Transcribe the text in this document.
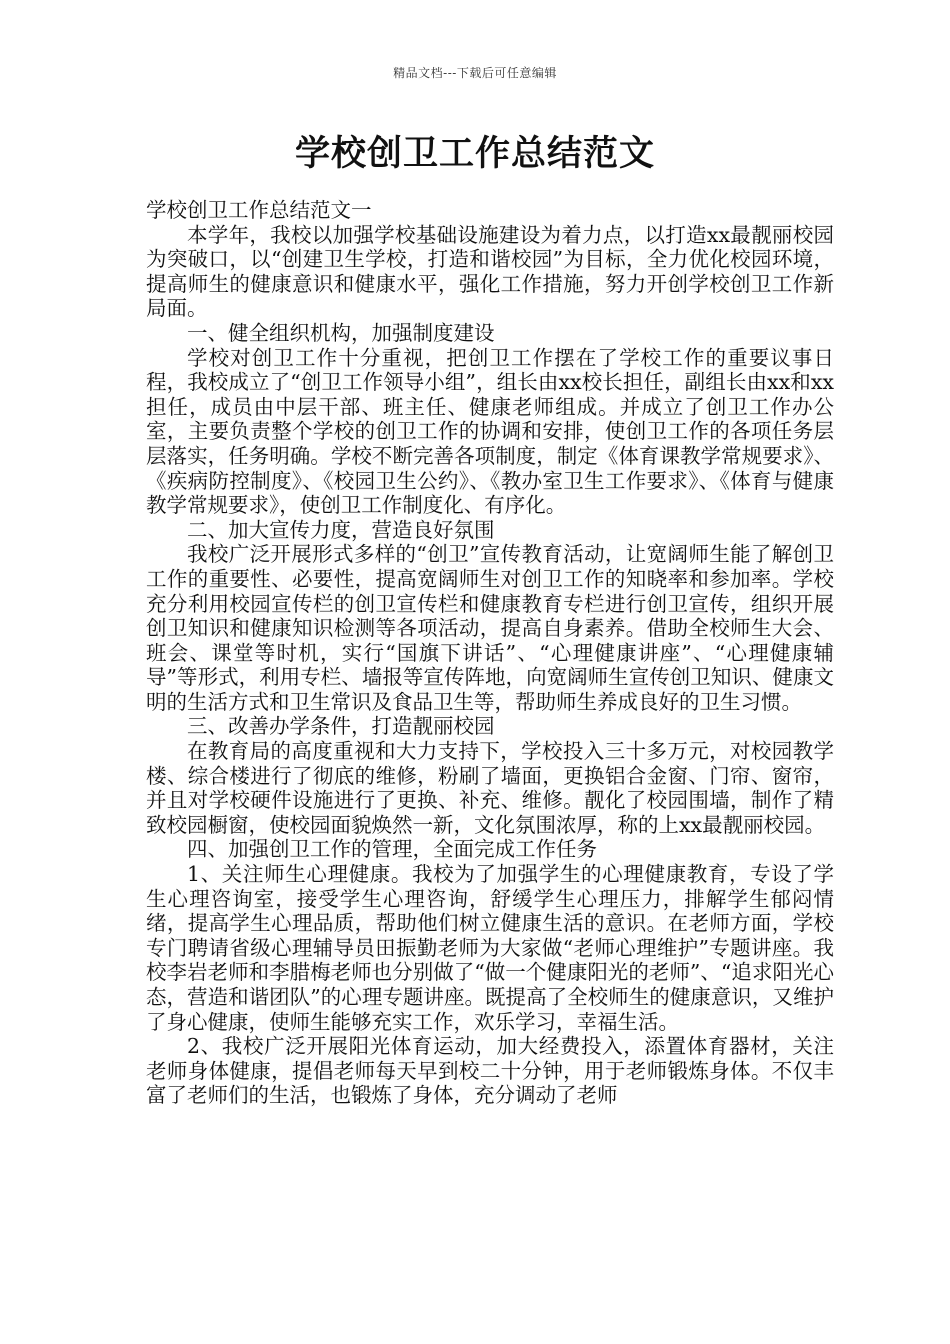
精品文档---下载后可任意编辑
学校创卫工作总结范文

学校创卫工作总结范文一

本学年，我校以加强学校基础设施建设为着力点，以打造xx最靓丽校园为突破口，以“创建卫生学校，打造和谐校园”为目标，全力优化校园环境，提高师生的健康意识和健康水平，强化工作措施，努力开创学校创卫工作新局面。

一、健全组织机构，加强制度建设

学校对创卫工作十分重视，把创卫工作摆在了学校工作的重要议事日程，我校成立了“创卫工作领导小组”，组长由xx校长担任，副组长由xx和xx担任，成员由中层干部、班主任、健康老师组成。并成立了创卫工作办公室，主要负责整个学校的创卫工作的协调和安排，使创卫工作的各项任务层层落实，任务明确。学校不断完善各项制度，制定《体育课教学常规要求》、《疾病防控制度》、《校园卫生公约》、《教办室卫生工作要求》、《体育与健康教学常规要求》，使创卫工作制度化、有序化。

二、加大宣传力度，营造良好氛围

我校广泛开展形式多样的“创卫”宣传教育活动，让宽阔师生能了解创卫工作的重要性、必要性，提高宽阔师生对创卫工作的知晓率和参加率。学校充分利用校园宣传栏的创卫宣传栏和健康教育专栏进行创卫宣传，组织开展创卫知识和健康知识检测等各项活动，提高自身素养。借助全校师生大会、班会、课堂等时机，实行“国旗下讲话”、“心理健康讲座”、“心理健康辅导”等形式，利用专栏、墙报等宣传阵地，向宽阔师生宣传创卫知识、健康文明的生活方式和卫生常识及食品卫生等，帮助师生养成良好的卫生习惯。

三、改善办学条件，打造靓丽校园

在教育局的高度重视和大力支持下，学校投入三十多万元，对校园教学楼、综合楼进行了彻底的维修，粉刷了墙面，更换铝合金窗、门帘、窗帘，并且对学校硬件设施进行了更换、补充、维修。靓化了校园围墙，制作了精致校园橱窗，使校园面貌焕然一新，文化氛围浓厚，称的上xx最靓丽校园。

四、加强创卫工作的管理，全面完成工作任务

1、关注师生心理健康。我校为了加强学生的心理健康教育，专设了学生心理咨询室，接受学生心理咨询，舒缓学生心理压力，排解学生郁闷情绪，提高学生心理品质，帮助他们树立健康生活的意识。在老师方面，学校专门聘请省级心理辅导员田振勤老师为大家做“老师心理维护”专题讲座。我校李岩老师和李腊梅老师也分别做了“做一个健康阳光的老师”、“追求阳光心态，营造和谐团队”的心理专题讲座。既提高了全校师生的健康意识，又维护了身心健康，使师生能够充实工作，欢乐学习，幸福生活。

2、我校广泛开展阳光体育运动，加大经费投入，添置体育器材，关注老师身体健康，提倡老师每天早到校二十分钟，用于老师锻炼身体。不仅丰富了老师们的生活，也锻炼了身体，充分调动了老师
